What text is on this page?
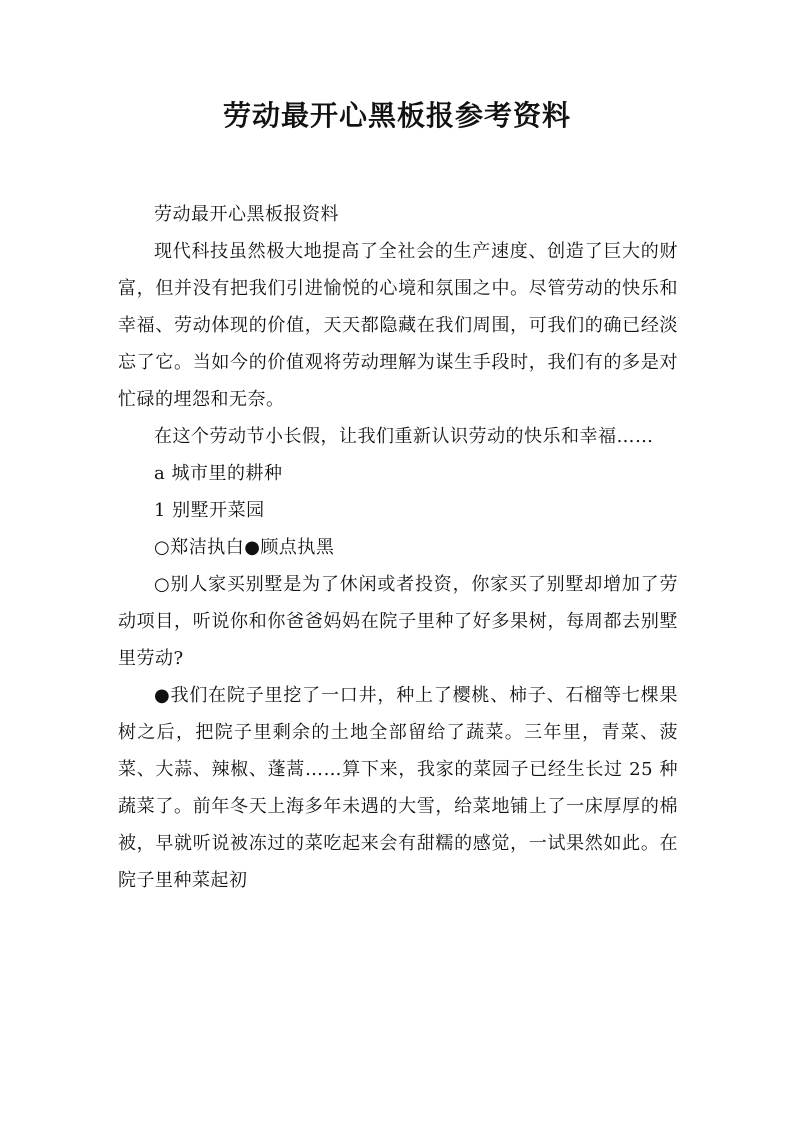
劳动最开心黑板报参考资料

劳动最开心黑板报资料

现代科技虽然极大地提高了全社会的生产速度、创造了巨大的财富，但并没有把我们引进愉悦的心境和氛围之中。尽管劳动的快乐和幸福、劳动体现的价值，天天都隐藏在我们周围，可我们的确已经淡忘了它。当如今的价值观将劳动理解为谋生手段时，我们有的多是对忙碌的埋怨和无奈。

在这个劳动节小长假，让我们重新认识劳动的快乐和幸福……

a 城市里的耕种

1 别墅开菜园

○郑洁执白●顾点执黑

○别人家买别墅是为了休闲或者投资，你家买了别墅却增加了劳动项目，听说你和你爸爸妈妈在院子里种了好多果树，每周都去别墅里劳动?

●我们在院子里挖了一口井，种上了樱桃、柿子、石榴等七棵果树之后，把院子里剩余的土地全部留给了蔬菜。三年里，青菜、菠菜、大蒜、辣椒、蓬蒿……算下来，我家的菜园子已经生长过 25 种蔬菜了。前年冬天上海多年未遇的大雪，给菜地铺上了一床厚厚的棉被，早就听说被冻过的菜吃起来会有甜糯的感觉，一试果然如此。在院子里种菜起初
